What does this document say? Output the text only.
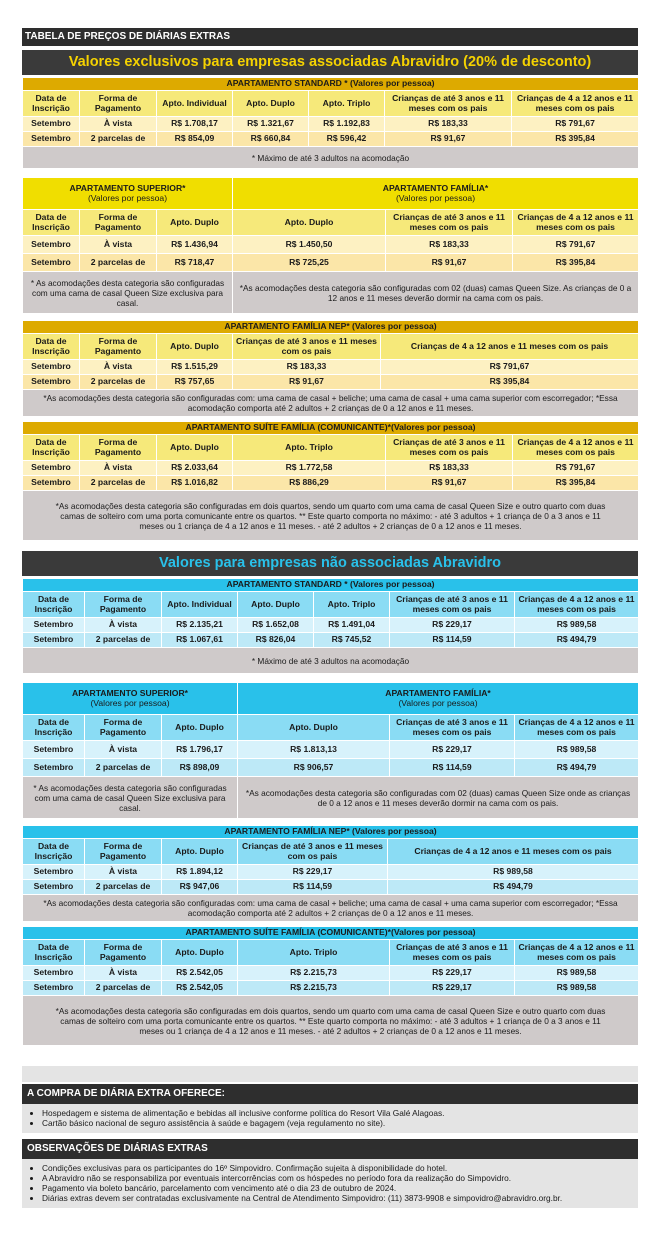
TABELA DE PREÇOS DE DIÁRIAS EXTRAS
Valores exclusivos para empresas associadas Abravidro (20% de desconto)
APARTAMENTO STANDARD * (Valores por pessoa)						
Data de Inscrição	Forma de Pagamento	Apto. Individual	Apto. Duplo	Apto. Triplo	Crianças de até 3 anos e 11 meses com os pais	Crianças de 4 a 12 anos e 11 meses com os pais
Setembro	À vista	R$ 1.708,17	R$ 1.321,67	R$ 1.192,83	R$ 183,33	R$ 791,67
Setembro	2 parcelas de	R$ 854,09	R$ 660,84	R$ 596,42	R$ 91,67	R$ 395,84
* Máximo de até 3 adultos na acomodação						
APARTAMENTO SUPERIOR*
(Valores por pessoa)			APARTAMENTO FAMÍLIA*
(Valores por pessoa)		
Data de Inscrição	Forma de Pagamento	Apto. Duplo	Apto. Duplo	Crianças de até 3 anos e 11 meses com os pais	Crianças de 4 a 12 anos e 11 meses com os pais
Setembro	À vista	R$ 1.436,94	R$ 1.450,50	R$ 183,33	R$ 791,67
Setembro	2 parcelas de	R$ 718,47	R$ 725,25	R$ 91,67	R$ 395,84
* As acomodações desta categoria são configuradas com uma cama de casal Queen Size exclusiva para casal.			*As acomodações desta categoria são configuradas com 02 (duas) camas Queen Size. As crianças de 0 a 12 anos e 11 meses deverão dormir na cama com os pais.		
APARTAMENTO FAMÍLIA NEP* (Valores por pessoa)				
Data de Inscrição	Forma de Pagamento	Apto. Duplo	Crianças de até 3 anos e 11 meses com os pais	Crianças de 4 a 12 anos e 11 meses com os pais
Setembro	À vista	R$ 1.515,29	R$ 183,33	R$ 791,67
Setembro	2 parcelas de	R$ 757,65	R$ 91,67	R$ 395,84
*As acomodações desta categoria são configuradas com: uma cama de casal + beliche; uma cama de casal + uma cama superior com escorregador; *Essa acomodação comporta até 2 adultos + 2 crianças de 0 a 12 anos e 11 meses.				
APARTAMENTO SUÍTE FAMÍLIA (COMUNICANTE)*(Valores por pessoa)					
Data de Inscrição	Forma de Pagamento	Apto. Duplo	Apto. Triplo	Crianças de até 3 anos e 11 meses com os pais	Crianças de 4 a 12 anos e 11 meses com os pais
Setembro	À vista	R$ 2.033,64	R$ 1.772,58	R$ 183,33	R$ 791,67
Setembro	2 parcelas de	R$ 1.016,82	R$ 886,29	R$ 91,67	R$ 395,84
*As acomodações desta categoria são configuradas em dois quartos, sendo um quarto com uma cama de casal Queen Size e outro quarto com duas camas de solteiro com uma porta comunicante entre os quartos. ** Este quarto comporta no máximo: - até 3 adultos + 1 criança de 0 a 3 anos e 11 meses ou 1 criança de 4 a 12 anos e 11 meses. - até 2 adultos + 2 crianças de 0 a 12 anos e 11 meses.					
Valores para empresas não associadas Abravidro
APARTAMENTO STANDARD * (Valores por pessoa)						
Data de Inscrição	Forma de Pagamento	Apto. Individual	Apto. Duplo	Apto. Triplo	Crianças de até 3 anos e 11 meses com os pais	Crianças de 4 a 12 anos e 11 meses com os pais
Setembro	À vista	R$ 2.135,21	R$ 1.652,08	R$ 1.491,04	R$ 229,17	R$ 989,58
Setembro	2 parcelas de	R$ 1.067,61	R$ 826,04	R$ 745,52	R$ 114,59	R$ 494,79
* Máximo de até 3 adultos na acomodação						
APARTAMENTO SUPERIOR*
(Valores por pessoa)			APARTAMENTO FAMÍLIA*
(Valores por pessoa)		
Data de Inscrição	Forma de Pagamento	Apto. Duplo	Apto. Duplo	Crianças de até 3 anos e 11 meses com os pais	Crianças de 4 a 12 anos e 11 meses com os pais
Setembro	À vista	R$ 1.796,17	R$ 1.813,13	R$ 229,17	R$ 989,58
Setembro	2 parcelas de	R$ 898,09	R$ 906,57	R$ 114,59	R$ 494,79
* As acomodações desta categoria são configuradas com uma cama de casal Queen Size exclusiva para casal.			*As acomodações desta categoria são configuradas com 02 (duas) camas Queen Size onde as crianças de 0 a 12 anos e 11 meses deverão dormir na cama com os pais.		
APARTAMENTO FAMÍLIA NEP* (Valores por pessoa)				
Data de Inscrição	Forma de Pagamento	Apto. Duplo	Crianças de até 3 anos e 11 meses com os pais	Crianças de 4 a 12 anos e 11 meses com os pais
Setembro	À vista	R$ 1.894,12	R$ 229,17	R$ 989,58
Setembro	2 parcelas de	R$ 947,06	R$ 114,59	R$ 494,79
*As acomodações desta categoria são configuradas com: uma cama de casal + beliche; uma cama de casal + uma cama superior com escorregador; *Essa acomodação comporta até 2 adultos + 2 crianças de 0 a 12 anos e 11 meses.				
APARTAMENTO SUÍTE FAMÍLIA (COMUNICANTE)*(Valores por pessoa)					
Data de Inscrição	Forma de Pagamento	Apto. Duplo	Apto. Triplo	Crianças de até 3 anos e 11 meses com os pais	Crianças de 4 a 12 anos e 11 meses com os pais
Setembro	À vista	R$ 2.542,05	R$ 2.215,73	R$ 229,17	R$ 989,58
Setembro	2 parcelas de	R$ 2.542,05	R$ 2.215,73	R$ 229,17	R$ 989,58
*As acomodações desta categoria são configuradas em dois quartos, sendo um quarto com uma cama de casal Queen Size e outro quarto com duas camas de solteiro com uma porta comunicante entre os quartos. ** Este quarto comporta no máximo: - até 3 adultos + 1 criança de 0 a 3 anos e 11 meses ou 1 criança de 4 a 12 anos e 11 meses. - até 2 adultos + 2 crianças de 0 a 12 anos e 11 meses.					
A COMPRA DE DIÁRIA EXTRA OFERECE:
• Hospedagem e sistema de alimentação e bebidas all inclusive conforme política do Resort Vila Galé Alagoas.
• Cartão básico nacional de seguro assistência à saúde e bagagem (veja regulamento no site).
OBSERVAÇÕES DE DIÁRIAS EXTRAS
• Condições exclusivas para os participantes do 16º Simpovidro. Confirmação sujeita à disponibilidade do hotel.
• A Abravidro não se responsabiliza por eventuais intercorrências com os hóspedes no período fora da realização do Simpovidro.
• Pagamento via boleto bancário, parcelamento com vencimento até o dia 23 de outubro de 2024.
• Diárias extras devem ser contratadas exclusivamente na Central de Atendimento Simpovidro: (11) 3873-9908 e simpovidro@abravidro.org.br.
